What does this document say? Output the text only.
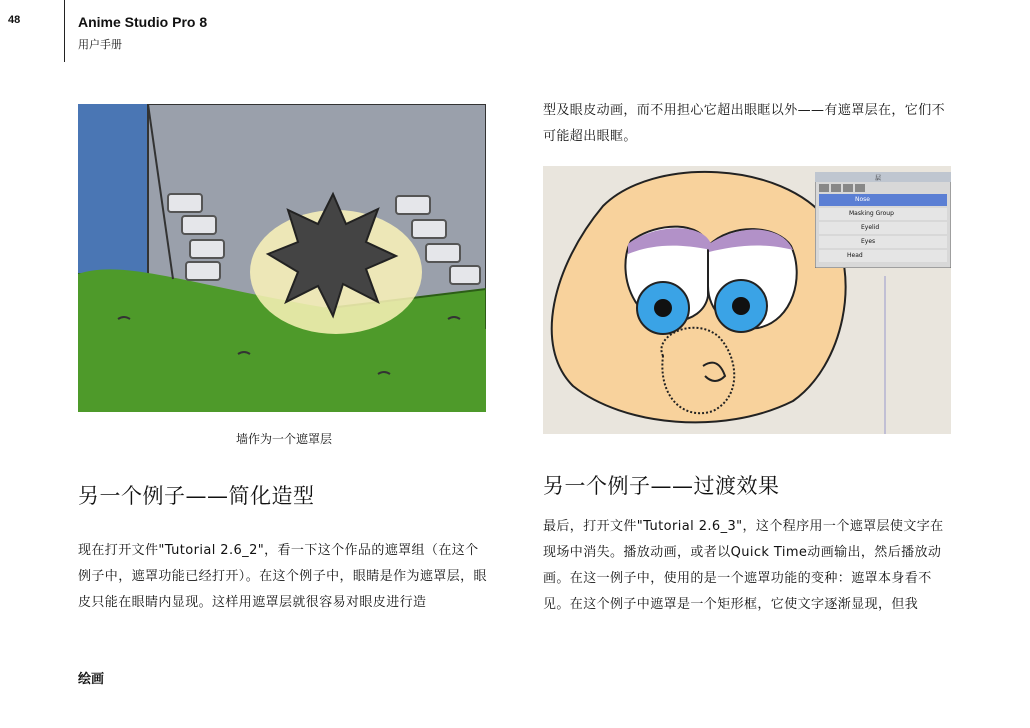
48	Anime Studio Pro 8
用户手册
墙作为一个遮罩层
另一个例子——简化造型

现在打开文件"Tutorial 2.6_2"，看一下这个作品的遮罩组（在这个例子中，遮罩功能已经打开）。在这个例子中，眼睛是作为遮罩层，眼皮只能在眼睛内显现。这样用遮罩层就很容易对眼皮进行造

型及眼皮动画，而不用担心它超出眼眶以外——有遮罩层在，它们不可能超出眼眶。

层
Nose
Masking Group
Eyelid
Eyes
Head
另一个例子——过渡效果

最后，打开文件"Tutorial 2.6_3"，这个程序用一个遮罩层使文字在现场中消失。播放动画，或者以Quick Time动画输出，然后播放动画。在这一例子中，使用的是一个遮罩功能的变种：遮罩本身看不见。在这个例子中遮罩是一个矩形框，它使文字逐渐显现，但我

绘画
